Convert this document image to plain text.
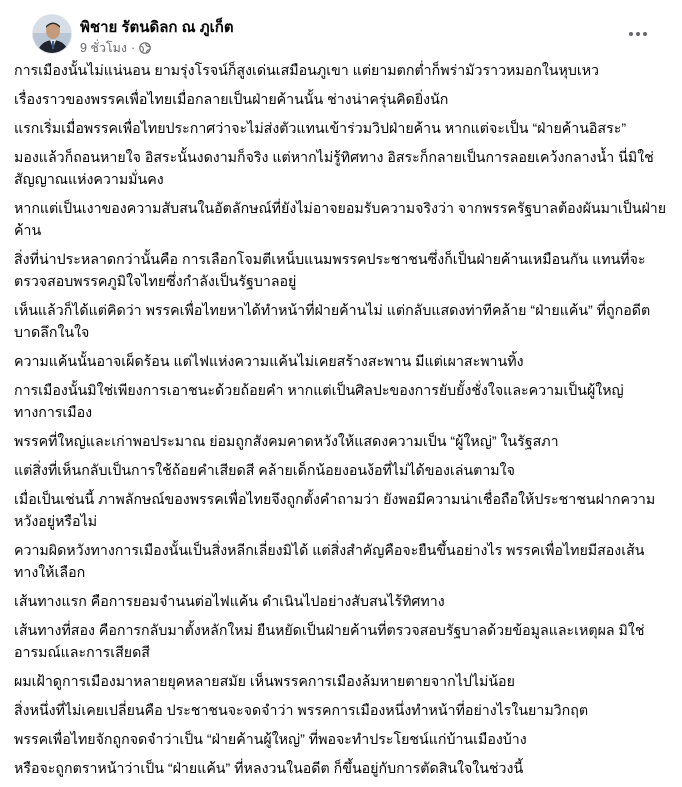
พิชาย รัตนดิลก ณ ภูเก็ต
9 ชั่วโมง ·

การเมืองนั้นไม่แน่นอน ยามรุ่งโรจน์ก็สูงเด่นเสมือนภูเขา แต่ยามตกต่ำก็พร่ามัวราวหมอกในหุบเหว

เรื่องราวของพรรคเพื่อไทยเมื่อกลายเป็นฝ่ายค้านนั้น ช่างน่าครุ่นคิดยิ่งนัก

แรกเริ่มเมื่อพรรคเพื่อไทยประกาศว่าจะไม่ส่งตัวแทนเข้าร่วมวิปฝ่ายค้าน หากแต่จะเป็น “ฝ่ายค้านอิสระ”

มองแล้วก็ถอนหายใจ อิสระนั้นงดงามก็จริง แต่หากไม่รู้ทิศทาง อิสระก็กลายเป็นการลอยเคว้งกลางน้ำ นี่มิใช่สัญญาณแห่งความมั่นคง

หากแต่เป็นเงาของความสับสนในอัตลักษณ์ที่ยังไม่อาจยอมรับความจริงว่า จากพรรครัฐบาลต้องผันมาเป็นฝ่ายค้าน

สิ่งที่น่าประหลาดกว่านั้นคือ การเลือกโจมตีเหน็บแนมพรรคประชาชนซึ่งก็เป็นฝ่ายค้านเหมือนกัน แทนที่จะตรวจสอบพรรคภูมิใจไทยซึ่งกำลังเป็นรัฐบาลอยู่

เห็นแล้วก็ได้แต่คิดว่า พรรคเพื่อไทยหาได้ทำหน้าที่ฝ่ายค้านไม่ แต่กลับแสดงท่าทีคล้าย “ฝ่ายแค้น” ที่ถูกอดีตบาดลึกในใจ

ความแค้นนั้นอาจเผ็ดร้อน แต่ไฟแห่งความแค้นไม่เคยสร้างสะพาน มีแต่เผาสะพานทิ้ง

การเมืองนั้นมิใช่เพียงการเอาชนะด้วยถ้อยคำ หากแต่เป็นศิลปะของการยับยั้งชั่งใจและความเป็นผู้ใหญ่ทางการเมือง

พรรคที่ใหญ่และเก่าพอประมาณ ย่อมถูกสังคมคาดหวังให้แสดงความเป็น “ผู้ใหญ่” ในรัฐสภา

แต่สิ่งที่เห็นกลับเป็นการใช้ถ้อยคำเสียดสี คล้ายเด็กน้อยงอนง้อที่ไม่ได้ของเล่นตามใจ

เมื่อเป็นเช่นนี้ ภาพลักษณ์ของพรรคเพื่อไทยจึงถูกตั้งคำถามว่า ยังพอมีความน่าเชื่อถือให้ประชาชนฝากความหวังอยู่หรือไม่

ความผิดหวังทางการเมืองนั้นเป็นสิ่งหลีกเลี่ยงมิได้ แต่สิ่งสำคัญคือจะยืนขึ้นอย่างไร พรรคเพื่อไทยมีสองเส้นทางให้เลือก

เส้นทางแรก คือการยอมจำนนต่อไฟแค้น ดำเนินไปอย่างสับสนไร้ทิศทาง

เส้นทางที่สอง คือการกลับมาตั้งหลักใหม่ ยืนหยัดเป็นฝ่ายค้านที่ตรวจสอบรัฐบาลด้วยข้อมูลและเหตุผล มิใช่อารมณ์และการเสียดสี

ผมเฝ้าดูการเมืองมาหลายยุคหลายสมัย เห็นพรรคการเมืองล้มหายตายจากไปไม่น้อย

สิ่งหนึ่งที่ไม่เคยเปลี่ยนคือ ประชาชนจะจดจำว่า พรรคการเมืองหนึ่งทำหน้าที่อย่างไรในยามวิกฤต

พรรคเพื่อไทยจักถูกจดจำว่าเป็น “ฝ่ายค้านผู้ใหญ่” ที่พอจะทำประโยชน์แก่บ้านเมืองบ้าง

หรือจะถูกตราหน้าว่าเป็น “ฝ่ายแค้น” ที่หลงวนในอดีต ก็ขึ้นอยู่กับการตัดสินใจในช่วงนี้
